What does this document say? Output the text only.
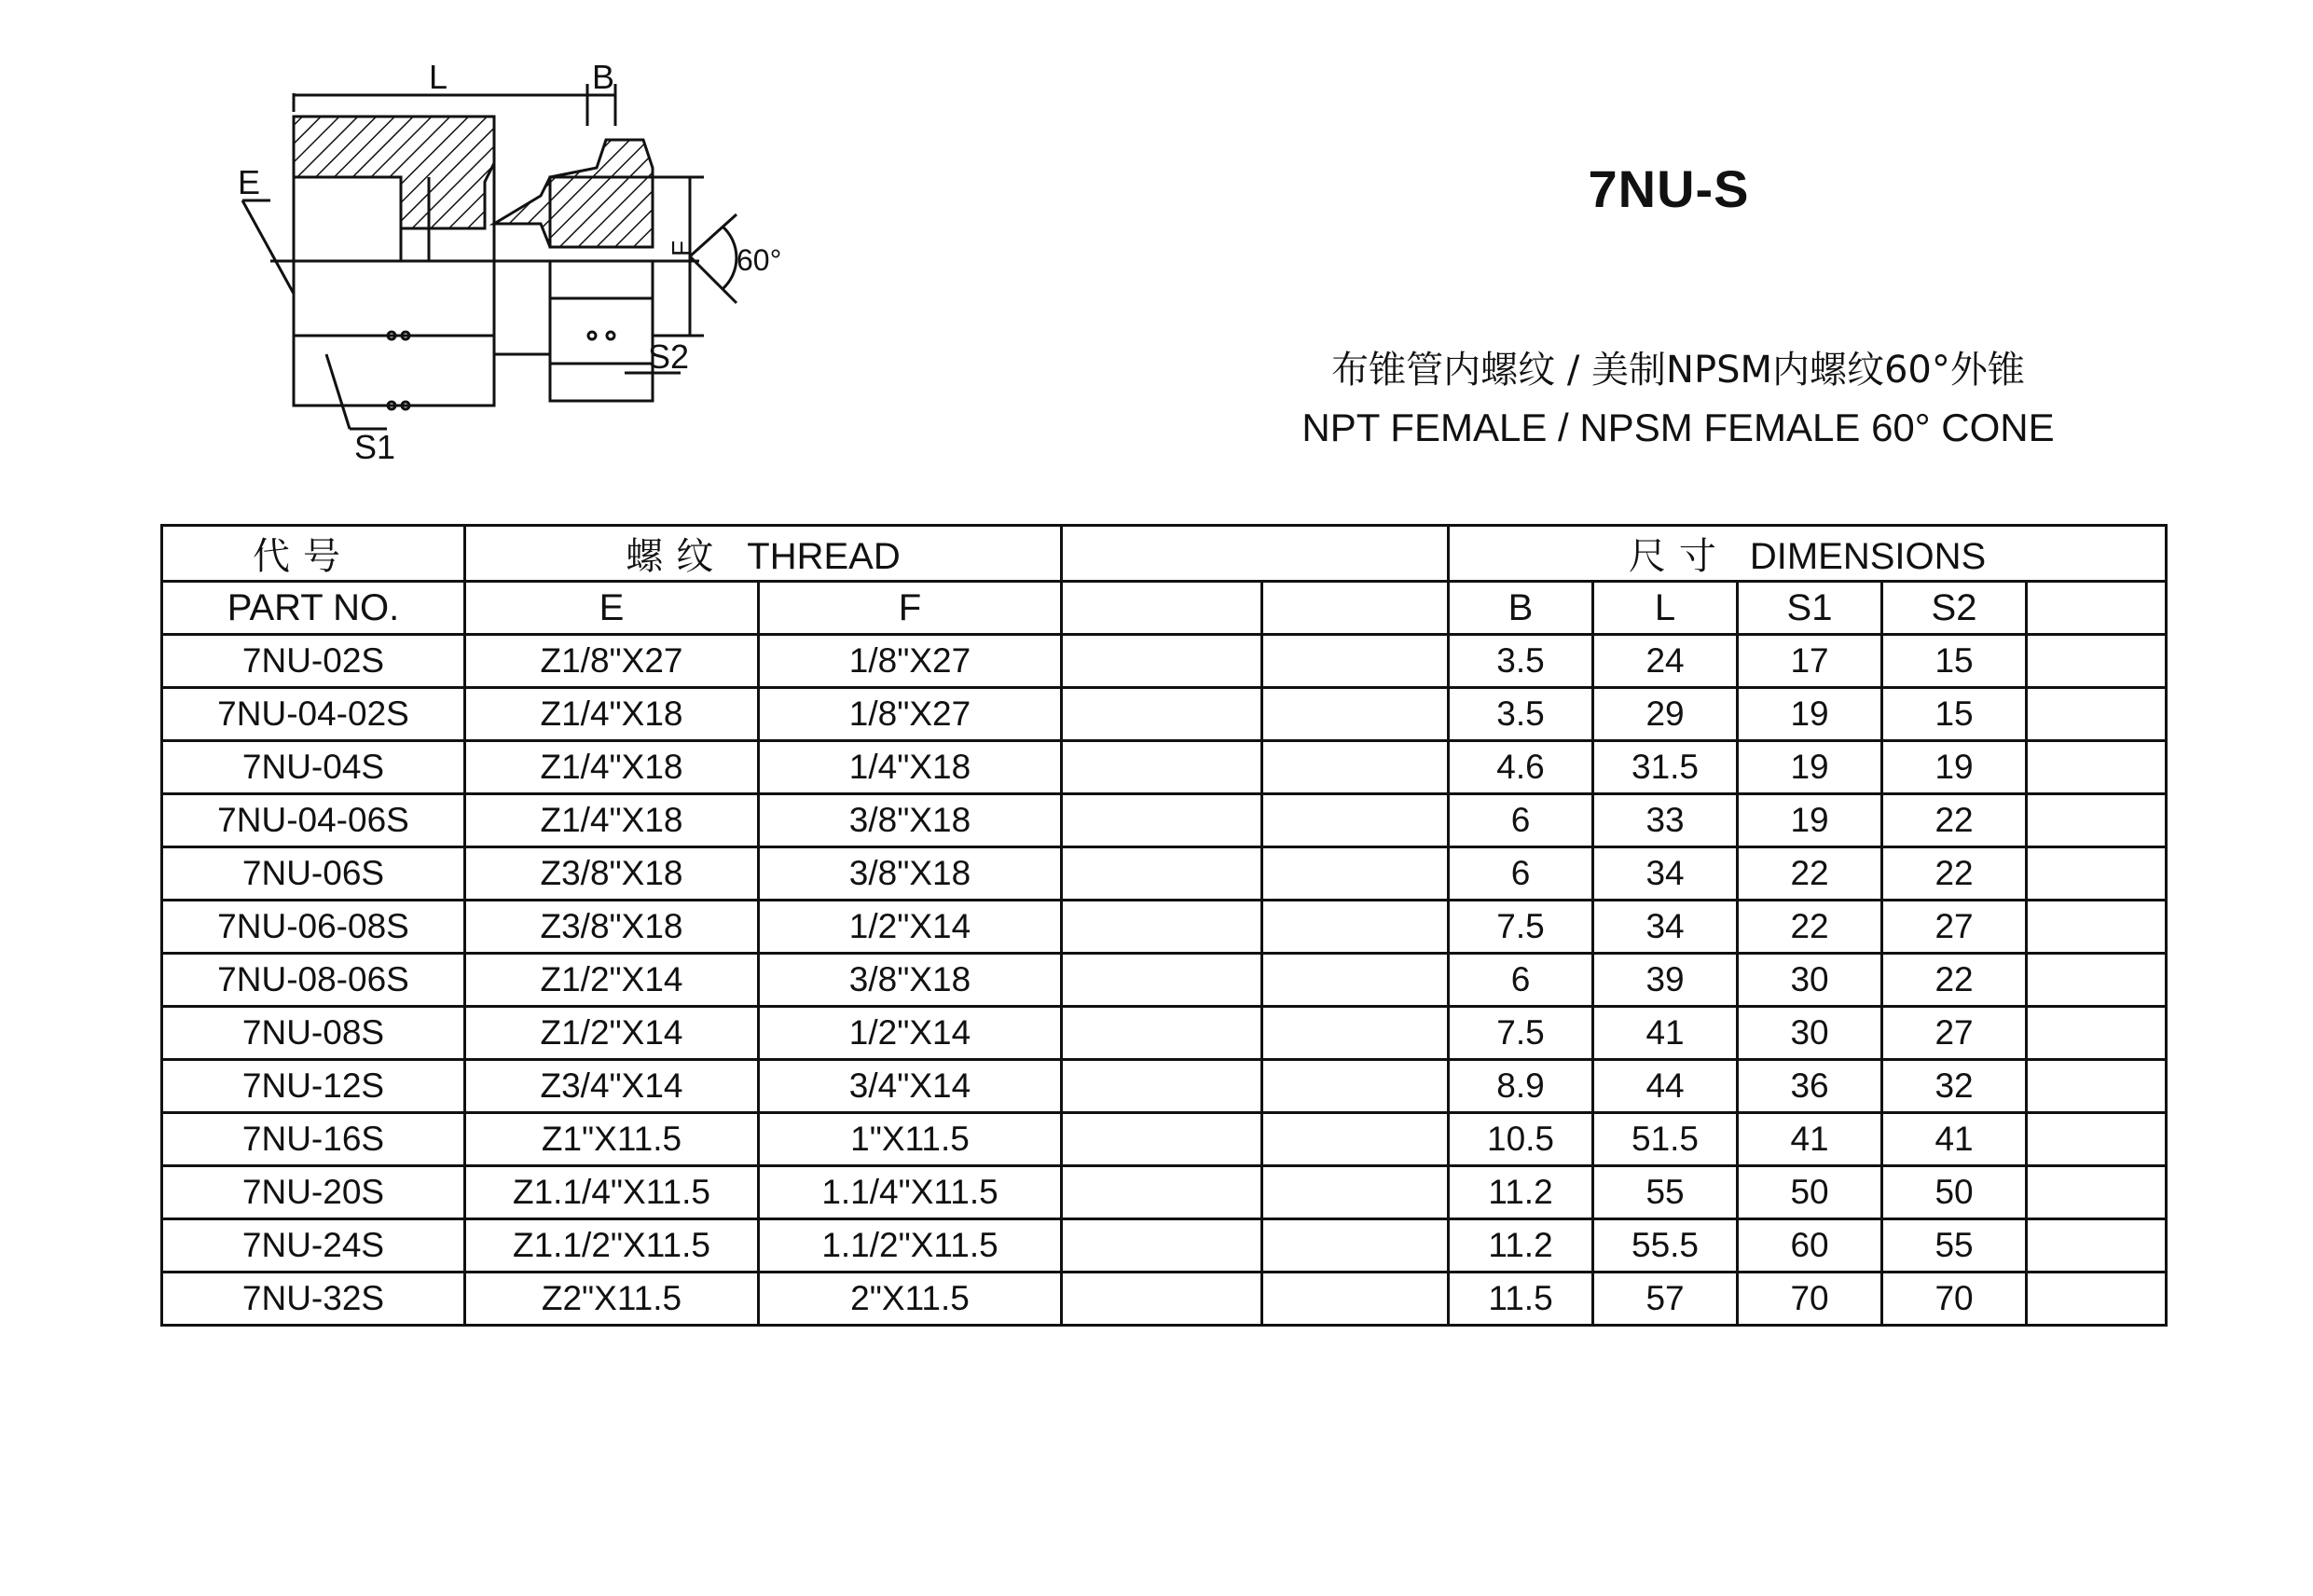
L	B
E
F 60°
S1
S2
7NU-S
布锥管内螺纹 / 美制NPSM内螺纹60°外锥
NPT FEMALE / NPSM FEMALE 60° CONE
代号	螺纹 THREAD				尺寸 DIMENSIONS				
PART NO.	E	F			B	L	S1	S2	
7NU-02S	Z1/8"X27	1/8"X27			3.5	24	17	15	
7NU-04-02S	Z1/4"X18	1/8"X27			3.5	29	19	15	
7NU-04S	Z1/4"X18	1/4"X18			4.6	31.5	19	19	
7NU-04-06S	Z1/4"X18	3/8"X18			6	33	19	22	
7NU-06S	Z3/8"X18	3/8"X18			6	34	22	22	
7NU-06-08S	Z3/8"X18	1/2"X14			7.5	34	22	27	
7NU-08-06S	Z1/2"X14	3/8"X18			6	39	30	22	
7NU-08S	Z1/2"X14	1/2"X14			7.5	41	30	27	
7NU-12S	Z3/4"X14	3/4"X14			8.9	44	36	32	
7NU-16S	Z1"X11.5	1"X11.5			10.5	51.5	41	41	
7NU-20S	Z1.1/4"X11.5	1.1/4"X11.5			11.2	55	50	50	
7NU-24S	Z1.1/2"X11.5	1.1/2"X11.5			11.2	55.5	60	55	
7NU-32S	Z2"X11.5	2"X11.5			11.5	57	70	70	
